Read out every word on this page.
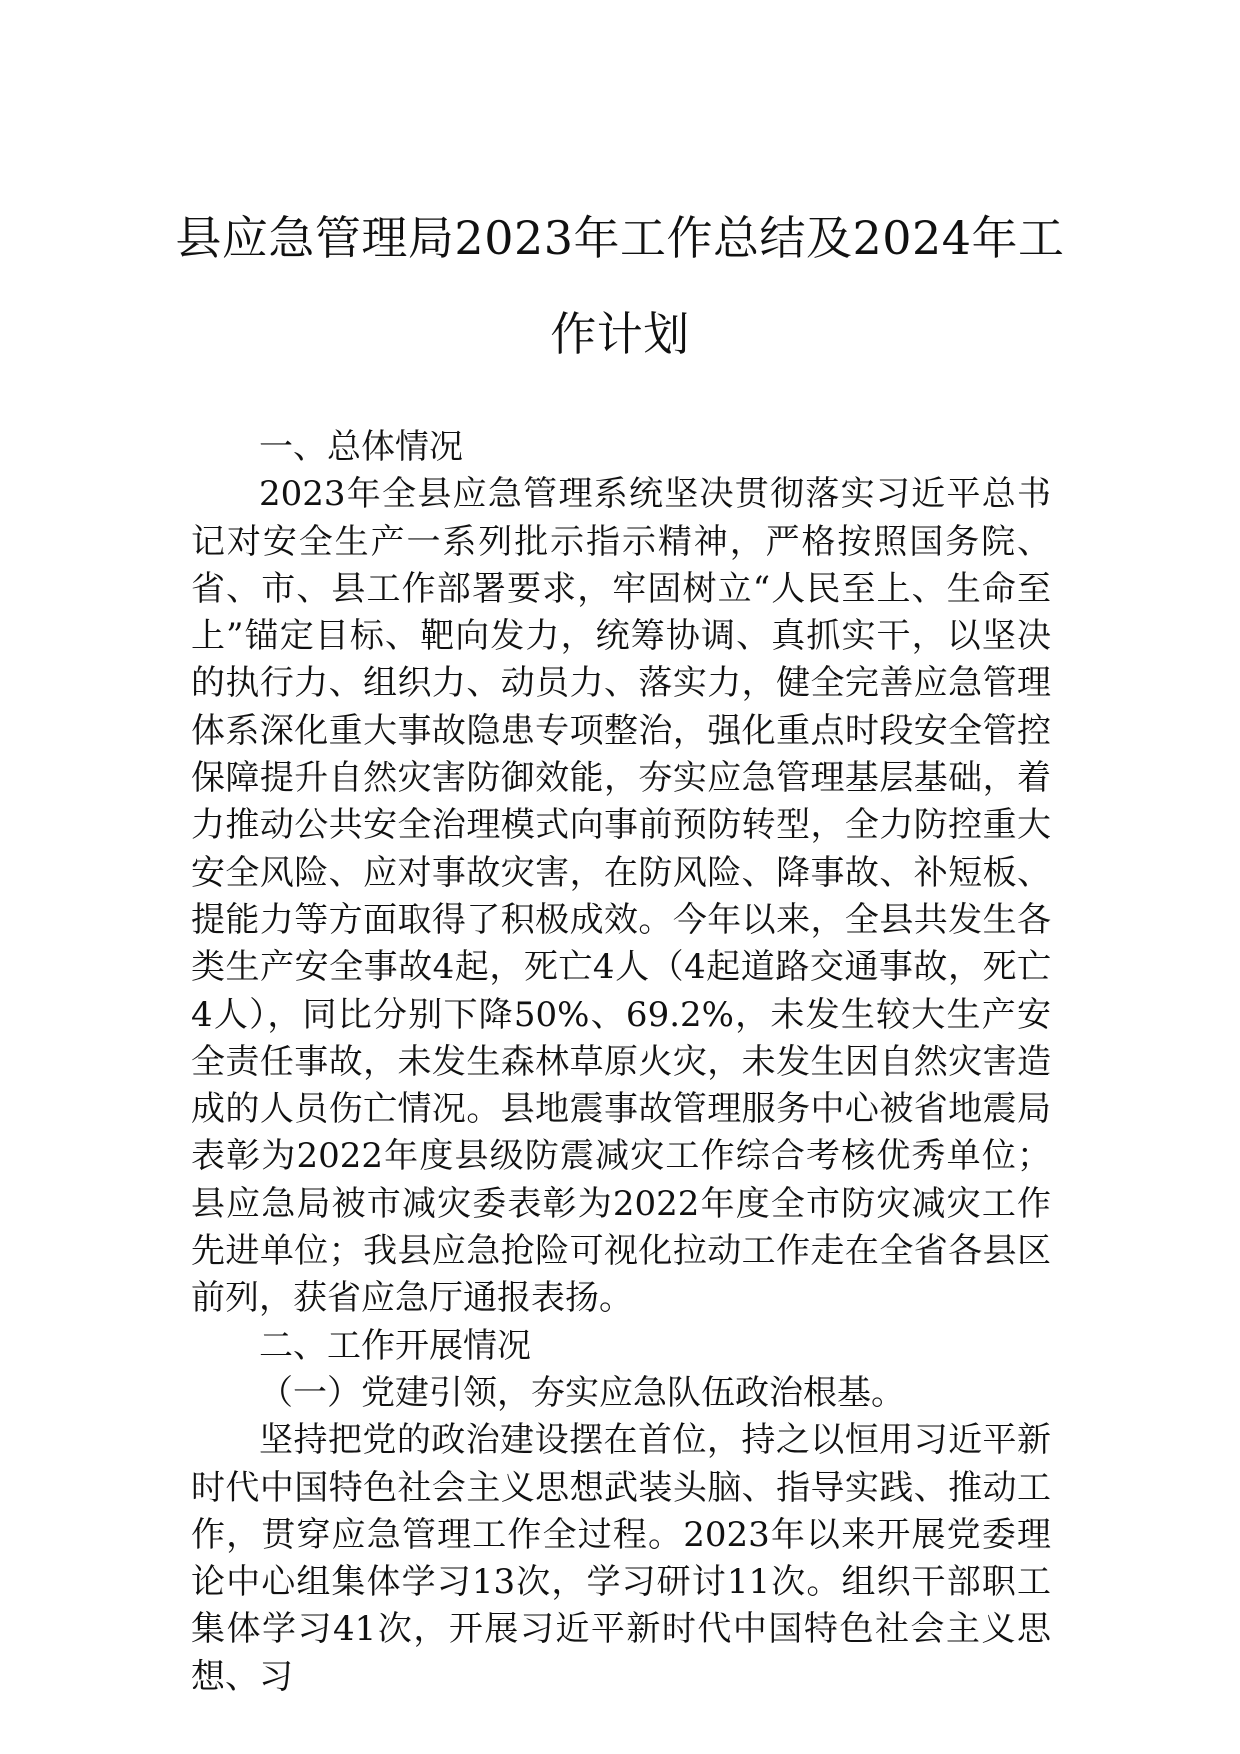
县应急管理局2023年工作总结及2024年工
作计划
一、总体情况

2023年全县应急管理系统坚决贯彻落实习近平总书记对安全生产一系列批示指示精神，严格按照国务院、省、市、县工作部署要求，牢固树立“人民至上、生命至上”锚定目标、靶向发力，统筹协调、真抓实干，以坚决的执行力、组织力、动员力、落实力，健全完善应急管理体系深化重大事故隐患专项整治，强化重点时段安全管控保障提升自然灾害防御效能，夯实应急管理基层基础，着力推动公共安全治理模式向事前预防转型，全力防控重大安全风险、应对事故灾害，在防风险、降事故、补短板、提能力等方面取得了积极成效。今年以来，全县共发生各类生产安全事故4起，死亡4人（4起道路交通事故，死亡4人），同比分别下降50%、69.2%，未发生较大生产安全责任事故，未发生森林草原火灾，未发生因自然灾害造成的人员伤亡情况。县地震事故管理服务中心被省地震局表彰为2022年度县级防震减灾工作综合考核优秀单位；县应急局被市减灾委表彰为2022年度全市防灾减灾工作先进单位；我县应急抢险可视化拉动工作走在全省各县区前列，获省应急厅通报表扬。

二、工作开展情况
（一）党建引领，夯实应急队伍政治根基。

坚持把党的政治建设摆在首位，持之以恒用习近平新时代中国特色社会主义思想武装头脑、指导实践、推动工作，贯穿应急管理工作全过程。2023年以来开展党委理论中心组集体学习13次，学习研讨11次。组织干部职工集体学习41次，开展习近平新时代中国特色社会主义思想、习
